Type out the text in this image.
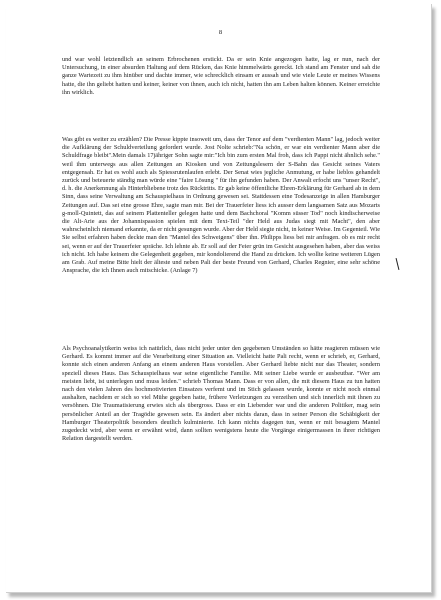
8

und war wohl letztendlich an seinem Erbrochenen erstickt. Da er sein Knie angezogen hatte, lag er nun, nach der Untersuchung, in einer absurden Haltung auf dem Rücken, das Knie himmelwärts gereckt. Ich stand am Fenster und sah die ganze Wartezeit zu ihm hinüber und dachte immer, wie schrecklich einsam er aussah und wie viele Leute er meines Wissens hatte, die ihn geliebt hatten und keiner, keiner von ihnen, auch ich nicht, hatten ihn am Leben halten können. Keiner erreichte ihn wirklich.

Was gibt es weiter zu erzählen? Die Presse kippte insoweit um, dass der Tenor auf dem "verdienten Mann" lag, jedoch weiter die Aufklärung der Schuldverteilung gefordert wurde. Jost Nolte schrieb:"Na schön, er war ein verdienter Mann aber die Schuldfrage bleibt".Mein damals 17jähriger Sohn sagte mir:"Ich bin zum ersten Mal froh, dass ich Pappi nicht ähnlich sehe." weil ihm unterwegs aus allen Zeitungen an Kiosken und von Zeitungslesern der S-Bahn das Gesicht seines Vaters entgegensah. Er hat es wohl auch als Spiessrutenlaufen erlebt. Der Senat wies jegliche Anmutung, er habe lieblos gehandelt zurück und beteuerte ständig man würde eine "faire Lösung " für ihn gefunden haben. Der Anwalt erfocht uns "unser Recht", d. h. die Anerkennung als Hinterbliebene trotz des Rücktritts. Er gab keine öffentliche Ehren-Erklärung für Gerhard ab in dem Sinn, dass seine Verwaltung am Schauspielhaus in Ordnung gewesen sei. Stattdessen eine Todesanzeige in allen Hamburger Zeitungen auf. Das sei eine grosse Ehre, sagte man mir. Bei der Trauerfeier liess ich ausser dem langsamen Satz aus Mozarts g-moll-Quintett, das auf seinem Plattenteller gelegen hatte und dem Bachchoral "Komm süsser Tod" noch kindischerweise die Alt-Arie aus der Johannispassion spielen mit dem Text-Teil "der Held aus Judas siegt mit Macht", den aber wahrscheinlich niemand erkannte, da er nicht gesungen wurde. Aber der Held siegte nicht, in keiner Weise. Im Gegenteil. Wie Sie selbst erfahren haben deckte man den "Mantel des Schweigens" über ihn. Philipps liess bei mir anfragen. ob es mir recht sei, wenn er auf der Trauerfeier spräche. Ich lehnte ab. Er soll auf der Feier grün im Gesicht ausgesehen haben, aber das weiss ich nicht. Ich habe keinem die Gelegenheit gegeben, mir kondolierend die Hand zu drücken. Ich wollte keine weiteren Lügen am Grab. Auf meine Bitte hielt der älteste und neben Pali der beste Freund von Gerhard, Charles Regnier, eine sehr schöne Ansprache, die ich Ihnen auch mitschicke. (Anlage 7)

Als Psychoanalytikerin weiss ich natürlich, dass nicht jeder unter den gegebenen Umständen so hätte reagieren müssen wie Gerhard. Es kommt immer auf die Verarbeitung einer Situation an. Vielleicht hatte Pali recht, wenn er schrieb, er, Gerhard, konnte sich einen anderen Anfang an einem anderen Haus vorstellen. Aber Gerhard liebte nicht nur das Theater, sondern speziell dieses Haus. Das Schauspielhaus war seine eigentliche Familie. Mit seiner Liebe wurde er ausbeutbar. "Wer am meisten liebt, ist unterlegen und muss leiden." schrieb Thomas Mann. Dass er von allen, die mit diesem Haus zu tun hatten nach den vielen Jahren des hochmotivierten Einsatzes verfemt und im Stich gelassen wurde, konnte er nicht noch einmal aushalten, nachdem er sich so viel Mühe gegeben hatte, frühere Verletzungen zu verzeihen und sich innerlich mit ihnen zu versöhnen. Die Traumatisierung erwies sich als übergross. Dass er ein Liebender war und die anderen Politiker, mag sein persönlicher Anteil an der Tragödie gewesen sein. Es ändert aber nichts daran, dass in seiner Person die Schäbigkeit der Hamburger Theaterpolitik besonders deutlich kulminierte. Ich kann nichts dagegen tun, wenn er mit besagtem Mantel zugedeckt wird, aber wenn er erwähnt wird, dann sollten wenigstens heute die Vorgänge einigermassen in ihrer richtigen Relation dargestellt werden.
